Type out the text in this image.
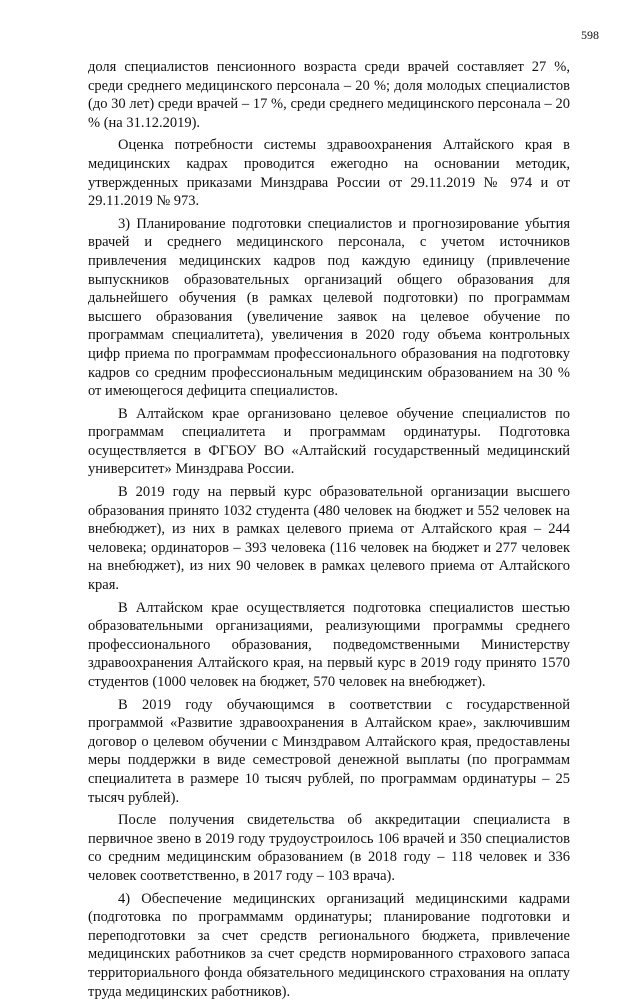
598

доля специалистов пенсионного возраста среди врачей составляет 27 %, среди среднего медицинского персонала – 20 %; доля молодых специалистов (до 30 лет) среди врачей – 17 %, среди среднего медицинского персонала – 20 % (на 31.12.2019).

Оценка потребности системы здравоохранения Алтайского края в медицинских кадрах проводится ежегодно на основании методик, утвержденных приказами Минздрава России от 29.11.2019 № 974 и от 29.11.2019 № 973.

3) Планирование подготовки специалистов и прогнозирование убытия врачей и среднего медицинского персонала, с учетом источников привлечения медицинских кадров под каждую единицу (привлечение выпускников образовательных организаций общего образования для дальнейшего обучения (в рамках целевой подготовки) по программам высшего образования (увеличение заявок на целевое обучение по программам специалитета), увеличения в 2020 году объема контрольных цифр приема по программам профессионального образования на подготовку кадров со средним профессиональным медицинским образованием на 30 % от имеющегося дефицита специалистов.

В Алтайском крае организовано целевое обучение специалистов по программам специалитета и программам ординатуры. Подготовка осуществляется в ФГБОУ ВО «Алтайский государственный медицинский университет» Минздрава России.

В 2019 году на первый курс образовательной организации высшего образования принято 1032 студента (480 человек на бюджет и 552 человек на внебюджет), из них в рамках целевого приема от Алтайского края – 244 человека; ординаторов – 393 человека (116 человек на бюджет и 277 человек на внебюджет), из них 90 человек в рамках целевого приема от Алтайского края.

В Алтайском крае осуществляется подготовка специалистов шестью образовательными организациями, реализующими программы среднего профессионального образования, подведомственными Министерству здравоохранения Алтайского края, на первый курс в 2019 году принято 1570 студентов (1000 человек на бюджет, 570 человек на внебюджет).

В 2019 году обучающимся в соответствии с государственной программой «Развитие здравоохранения в Алтайском крае», заключившим договор о целевом обучении с Минздравом Алтайского края, предоставлены меры поддержки в виде семестровой денежной выплаты (по программам специалитета в размере 10 тысяч рублей, по программам ординатуры – 25 тысяч рублей).

После получения свидетельства об аккредитации специалиста в первичное звено в 2019 году трудоустроилось 106 врачей и 350 специалистов со средним медицинским образованием (в 2018 году – 118 человек и 336 человек соответственно, в 2017 году – 103 врача).

4) Обеспечение медицинских организаций медицинскими кадрами (подготовка по программамм ординатуры; планирование подготовки и переподготовки за счет средств регионального бюджета, привлечение медицинских работников за счет средств нормированного страхового запаса территориального фонда обязательного медицинского страхования на оплату труда медицинских работников).
